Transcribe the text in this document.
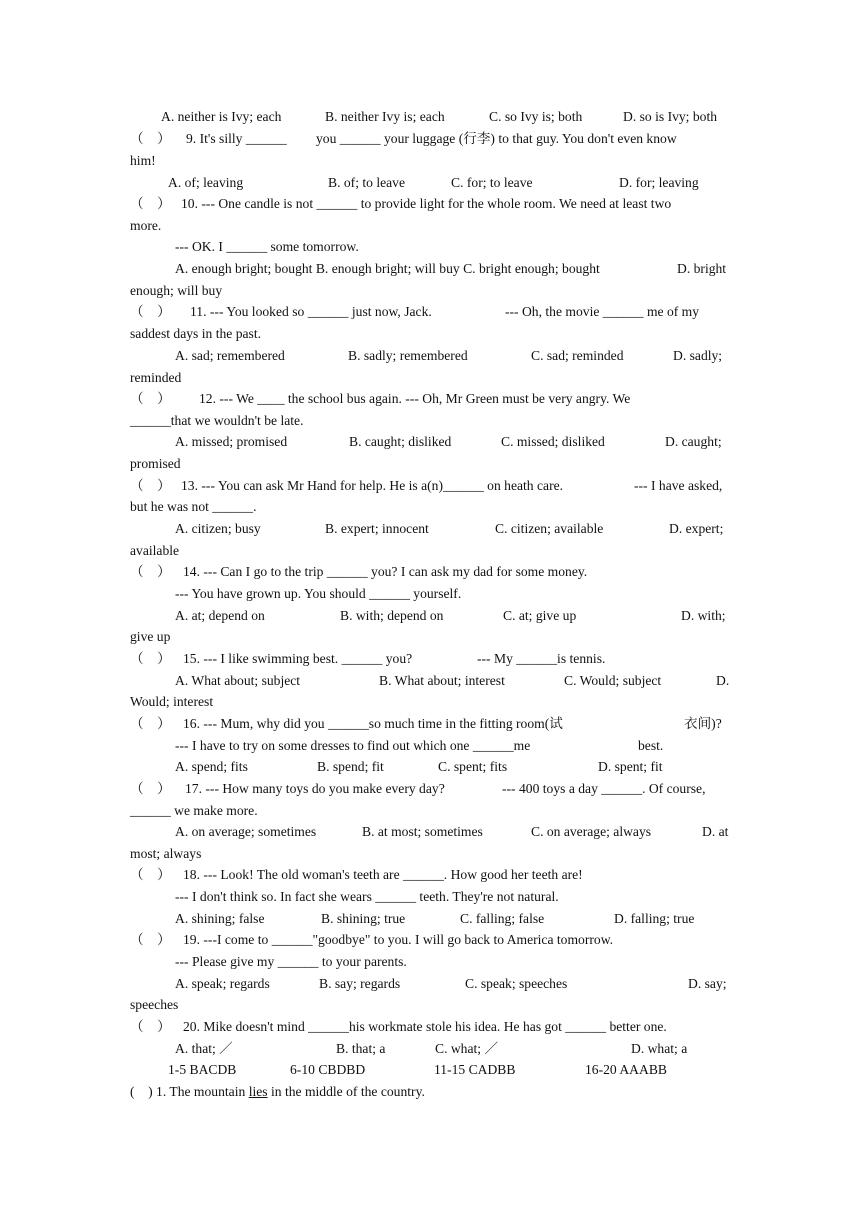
A. neither is Ivy; each	B. neither Ivy is; each	C. so Ivy is; both	D. so is Ivy; both
（　） 9. It's silly ______ you ______ your luggage (行李) to that guy. You don't even know
him!
A. of; leaving	B. of; to leave	C. for; to leave	D. for; leaving
（　） 10. --- One candle is not ______ to provide light for the whole room. We need at least two
more.
--- OK. I ______ some tomorrow.
A. enough bright; bought B. enough bright; will buy C. bright enough; bought	D. bright
enough; will buy
（　） 11. --- You looked so ______ just now, Jack.	--- Oh, the movie ______ me of my
saddest days in the past.
A. sad; remembered	B. sadly; remembered	C. sad; reminded	D. sadly;
reminded
（　） 12. --- We ____ the school bus again. --- Oh, Mr Green must be very angry. We
______that we wouldn't be late.
A. missed; promised	B. caught; disliked	C. missed; disliked	D. caught;
promised
（　） 13. --- You can ask Mr Hand for help. He is a(n)______ on heath care.	--- I have asked,
but he was not ______.
A. citizen; busy	B. expert; innocent	C. citizen; available	D. expert;
available
（　） 14. --- Can I go to the trip ______ you? I can ask my dad for some money.
--- You have grown up. You should ______ yourself.
A. at; depend on	B. with; depend on	C. at; give up	D. with;
give up
（　） 15. --- I like swimming best. ______ you?	--- My ______is tennis.
A. What about; subject	B. What about; interest	C. Would; subject	D.
Would; interest
（　） 16. --- Mum, why did you ______so much time in the fitting room(试	衣间)?
--- I have to try on some dresses to find out which one ______me	best.
A. spend; fits	B. spend; fit	C. spent; fits	D. spent; fit
（　） 17. --- How many toys do you make every day?	--- 400 toys a day ______. Of course,
______ we make more.
A. on average; sometimes	B. at most; sometimes	C. on average; always	D. at
most; always
（　） 18. --- Look! The old woman's teeth are ______. How good her teeth are!
--- I don't think so. In fact she wears ______ teeth. They're not natural.
A. shining; false	B. shining; true	C. falling; false	D. falling; true
（　） 19. ---I come to ______"goodbye" to you. I will go back to America tomorrow.
--- Please give my ______ to your parents.
A. speak; regards	B. say; regards	C. speak; speeches	D. say;
speeches
（　） 20. Mike doesn't mind ______his workmate stole his idea. He has got ______ better one.
A. that; ／	B. that; a	C. what; ／	D. what; a
1-5 BACDB	6-10 CBDBD	11-15 CADBB	16-20 AAABB
(    ) 1. The mountain lies in the middle of the country.
